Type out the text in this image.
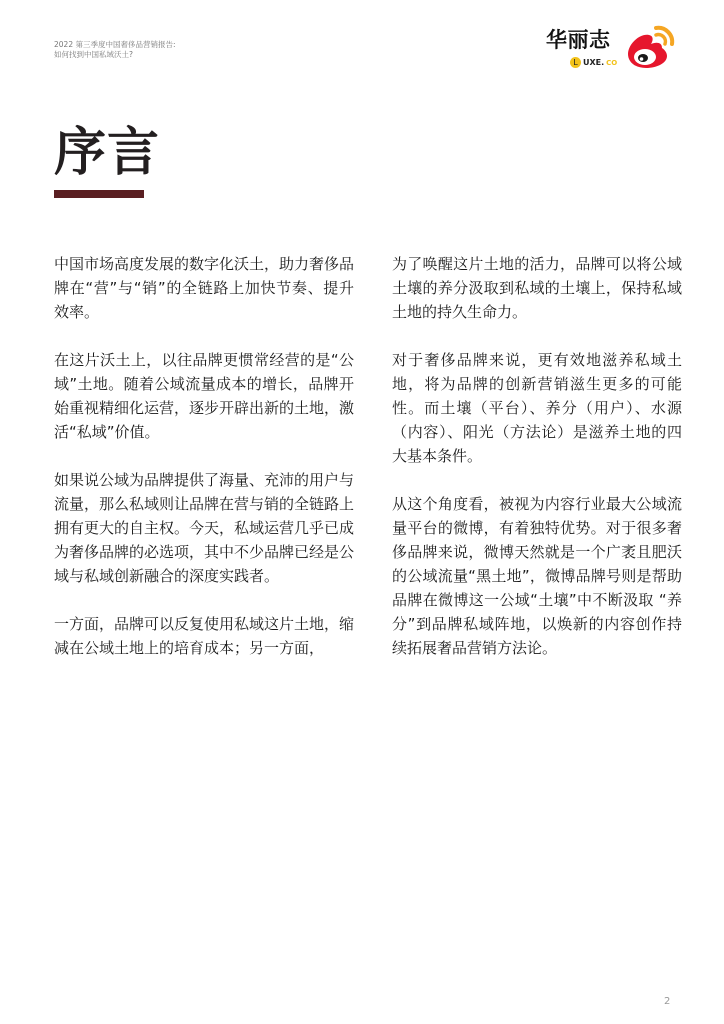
2022 第三季度中国奢侈品营销报告:
如何找到中国私域沃土?
华丽志
L UXE. CO
序言

中国市场高度发展的数字化沃土，助力奢侈品牌在“营”与“销”的全链路上加快节奏、提升效率。

在这片沃土上，以往品牌更惯常经营的是“公域”土地。随着公域流量成本的增长，品牌开始重视精细化运营，逐步开辟出新的土地，激活“私域”价值。

如果说公域为品牌提供了海量、充沛的用户与流量，那么私域则让品牌在营与销的全链路上拥有更大的自主权。今天，私域运营几乎已成为奢侈品牌的必选项，其中不少品牌已经是公域与私域创新融合的深度实践者。

一方面，品牌可以反复使用私域这片土地，缩减在公域土地上的培育成本；另一方面，

为了唤醒这片土地的活力，品牌可以将公域土壤的养分汲取到私域的土壤上，保持私域土地的持久生命力。

对于奢侈品牌来说，更有效地滋养私域土地，将为品牌的创新营销滋生更多的可能性。而土壤（平台）、养分（用户）、水源（内容）、阳光（方法论）是滋养土地的四大基本条件。

从这个角度看，被视为内容行业最大公域流量平台的微博，有着独特优势。对于很多奢侈品牌来说，微博天然就是一个广袤且肥沃的公域流量“黑土地”，微博品牌号则是帮助品牌在微博这一公域“土壤”中不断汲取 “养分”到品牌私域阵地，以焕新的内容创作持续拓展奢品营销方法论。

2
